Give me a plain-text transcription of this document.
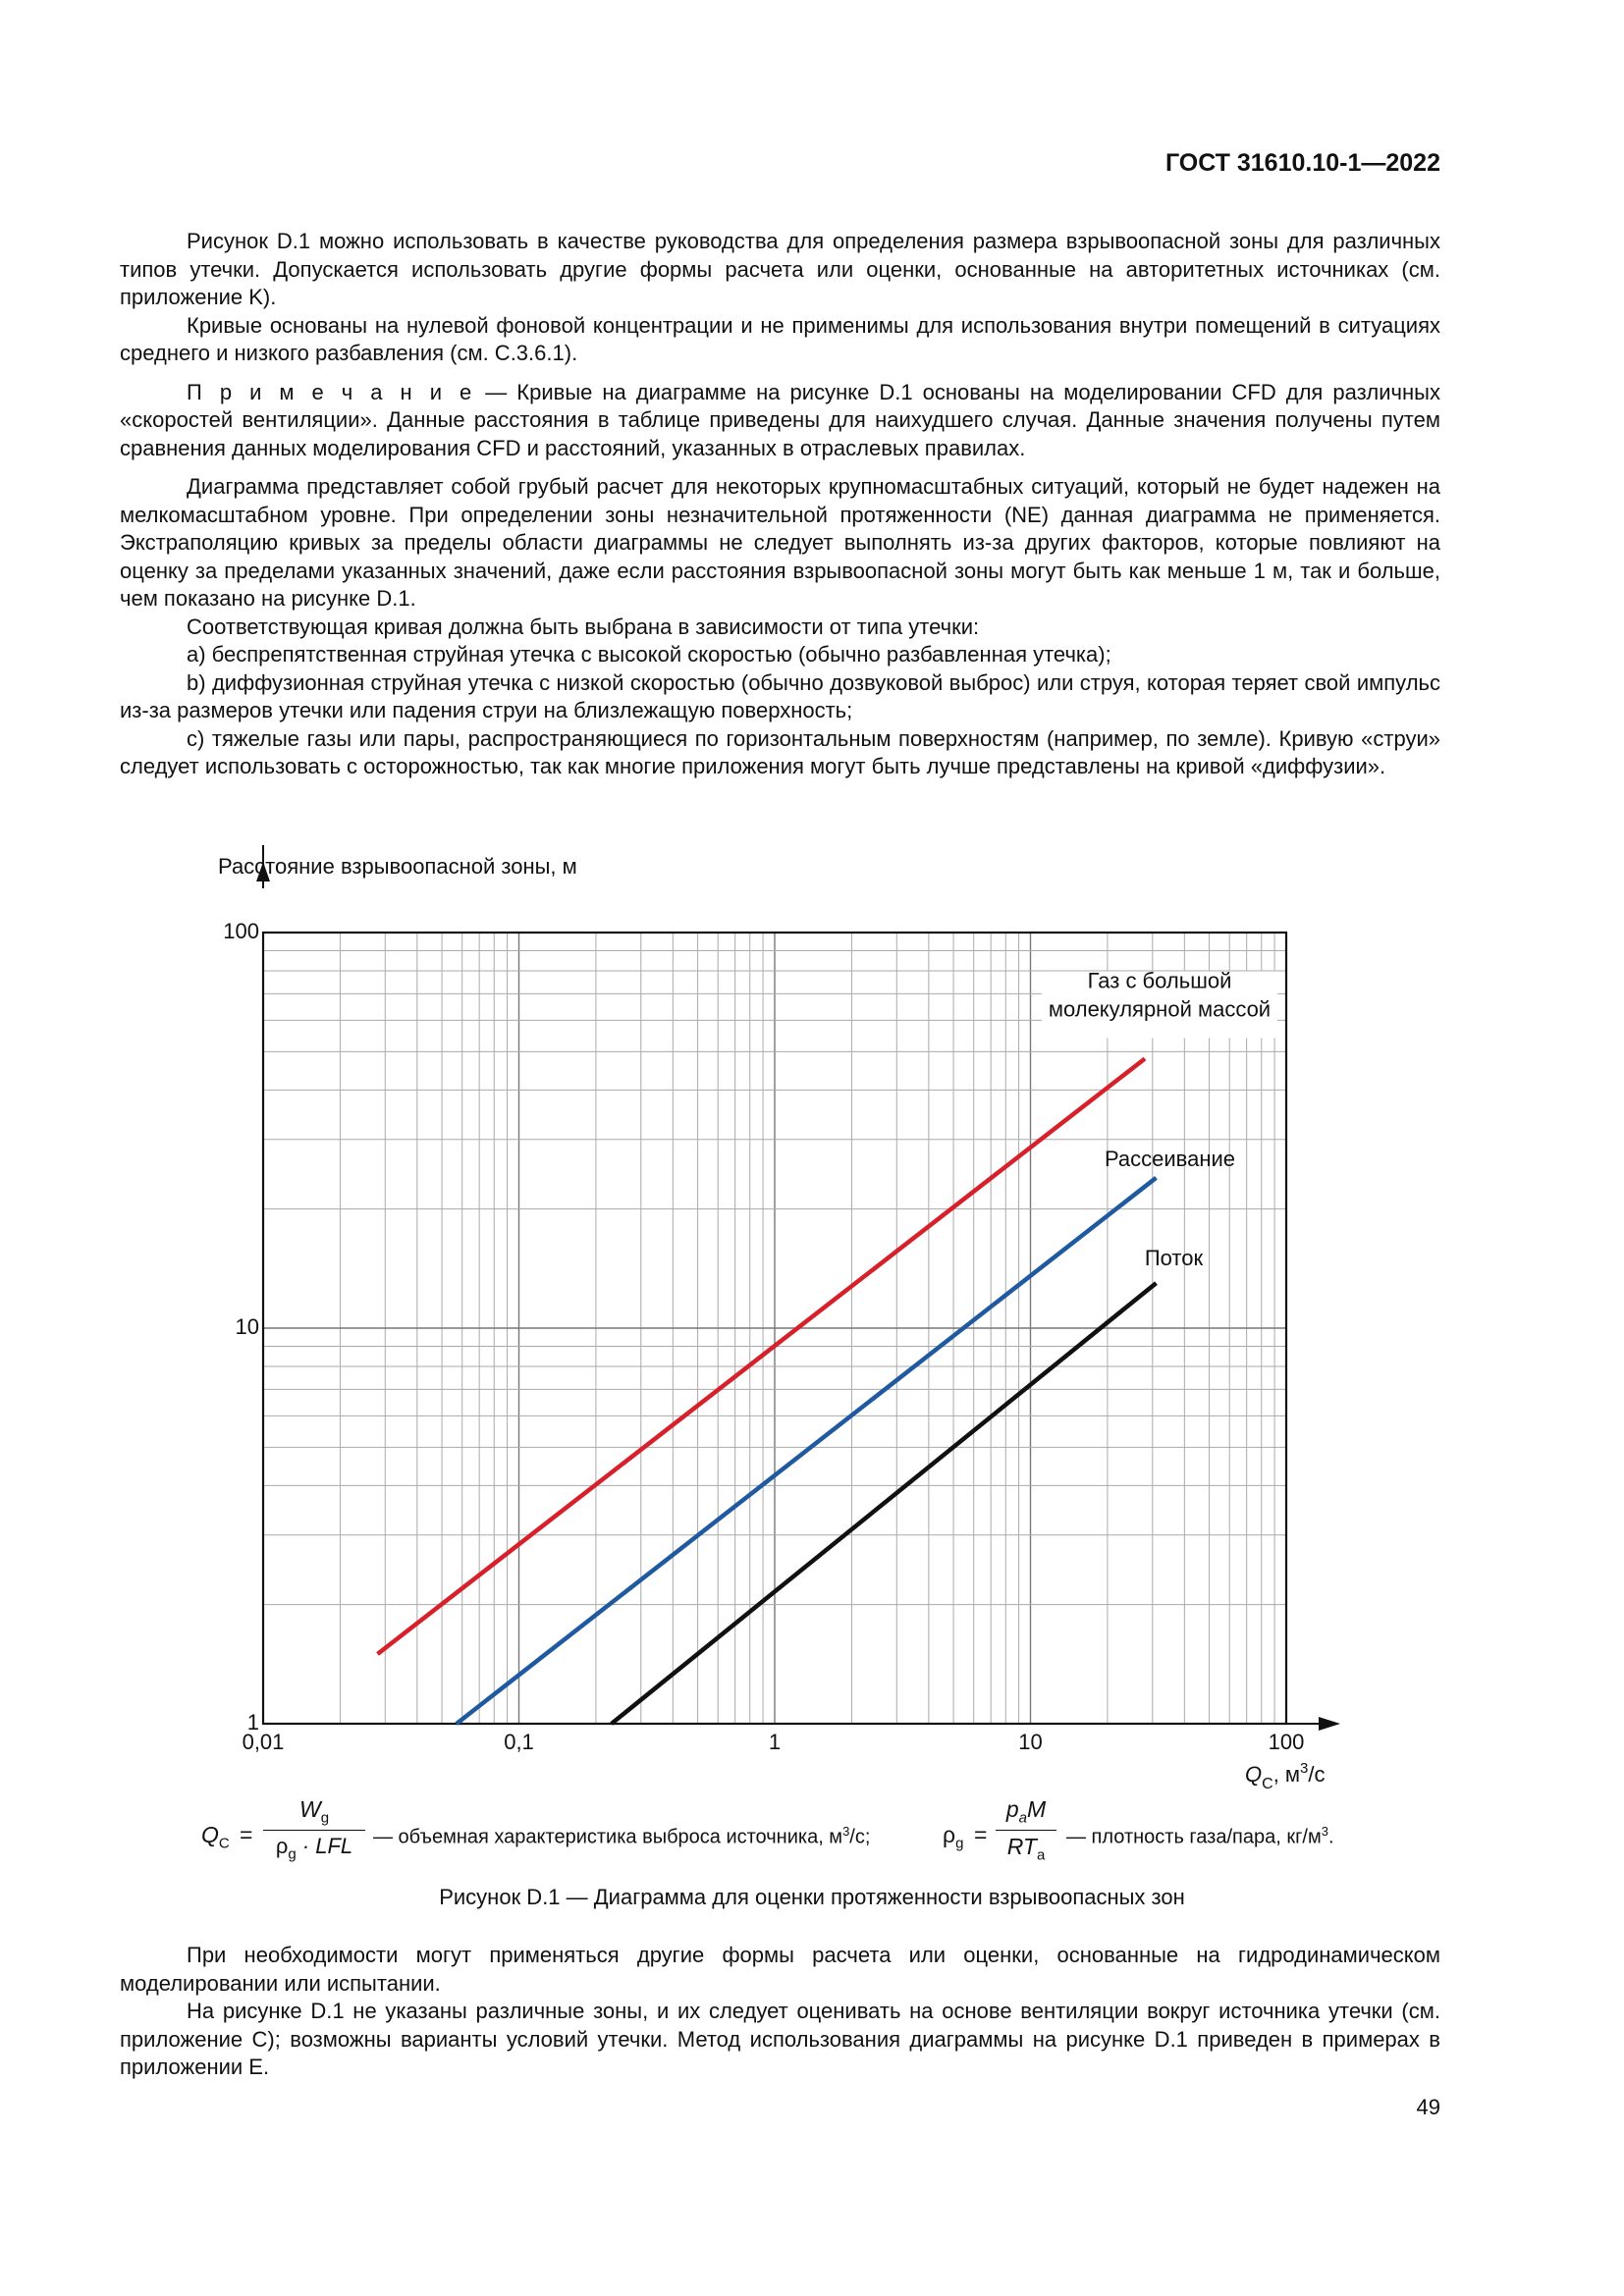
ГОСТ 31610.10-1—2022

Рисунок D.1 можно использовать в качестве руководства для определения размера взрывоопасной зоны для различных типов утечки. Допускается использовать другие формы расчета или оценки, основанные на авторитетных источниках (см. приложение K).

Кривые основаны на нулевой фоновой концентрации и не применимы для использования внутри помещений в ситуациях среднего и низкого разбавления (см. С.3.6.1).

П р и м е ч а н и е — Кривые на диаграмме на рисунке D.1 основаны на моделировании CFD для различных «скоростей вентиляции». Данные расстояния в таблице приведены для наихудшего случая. Данные значения получены путем сравнения данных моделирования CFD и расстояний, указанных в отраслевых правилах.

Диаграмма представляет собой грубый расчет для некоторых крупномасштабных ситуаций, который не будет надежен на мелкомасштабном уровне. При определении зоны незначительной протяженности (NE) данная диаграмма не применяется. Экстраполяцию кривых за пределы области диаграммы не следует выполнять из-за других факторов, которые повлияют на оценку за пределами указанных значений, даже если расстояния взрывоопасной зоны могут быть как меньше 1 м, так и больше, чем показано на рисунке D.1.

Соответствующая кривая должна быть выбрана в зависимости от типа утечки:

a) беспрепятственная струйная утечка с высокой скоростью (обычно разбавленная утечка);

b) диффузионная струйная утечка с низкой скоростью (обычно дозвуковой выброс) или струя, которая теряет свой импульс из-за размеров утечки или падения струи на близлежащую поверхность;

c) тяжелые газы или пары, распространяющиеся по горизонтальным поверхностям (например, по земле). Кривую «струи» следует использовать с осторожностью, так как многие приложения могут быть лучше представлены на кривой «диффузии».

0,01	0,1	1	10	100
1
10
100
Газ с большой
молекулярной массой
Рассеивание
Поток
Расстояние взрывоопасной зоны, м
$Q_C$, $м^3/с$
$Q_C$ =
$W_g$
$\rho_g$ · LFL	— объемная характеристика выброса источника, $м^3/с$;	$\rho_g$ =
$p_aM$
$RT_a$
— плотность газа/пара, $кг/м^3$.
Рисунок D.1 — Диаграмма для оценки протяженности взрывоопасных зон

При необходимости могут применяться другие формы расчета или оценки, основанные на гидродинамическом моделировании или испытании.

На рисунке D.1 не указаны различные зоны, и их следует оценивать на основе вентиляции вокруг источника утечки (см. приложение C); возможны варианты условий утечки. Метод использования диаграммы на рисунке D.1 приведен в примерах в приложении E.

49
